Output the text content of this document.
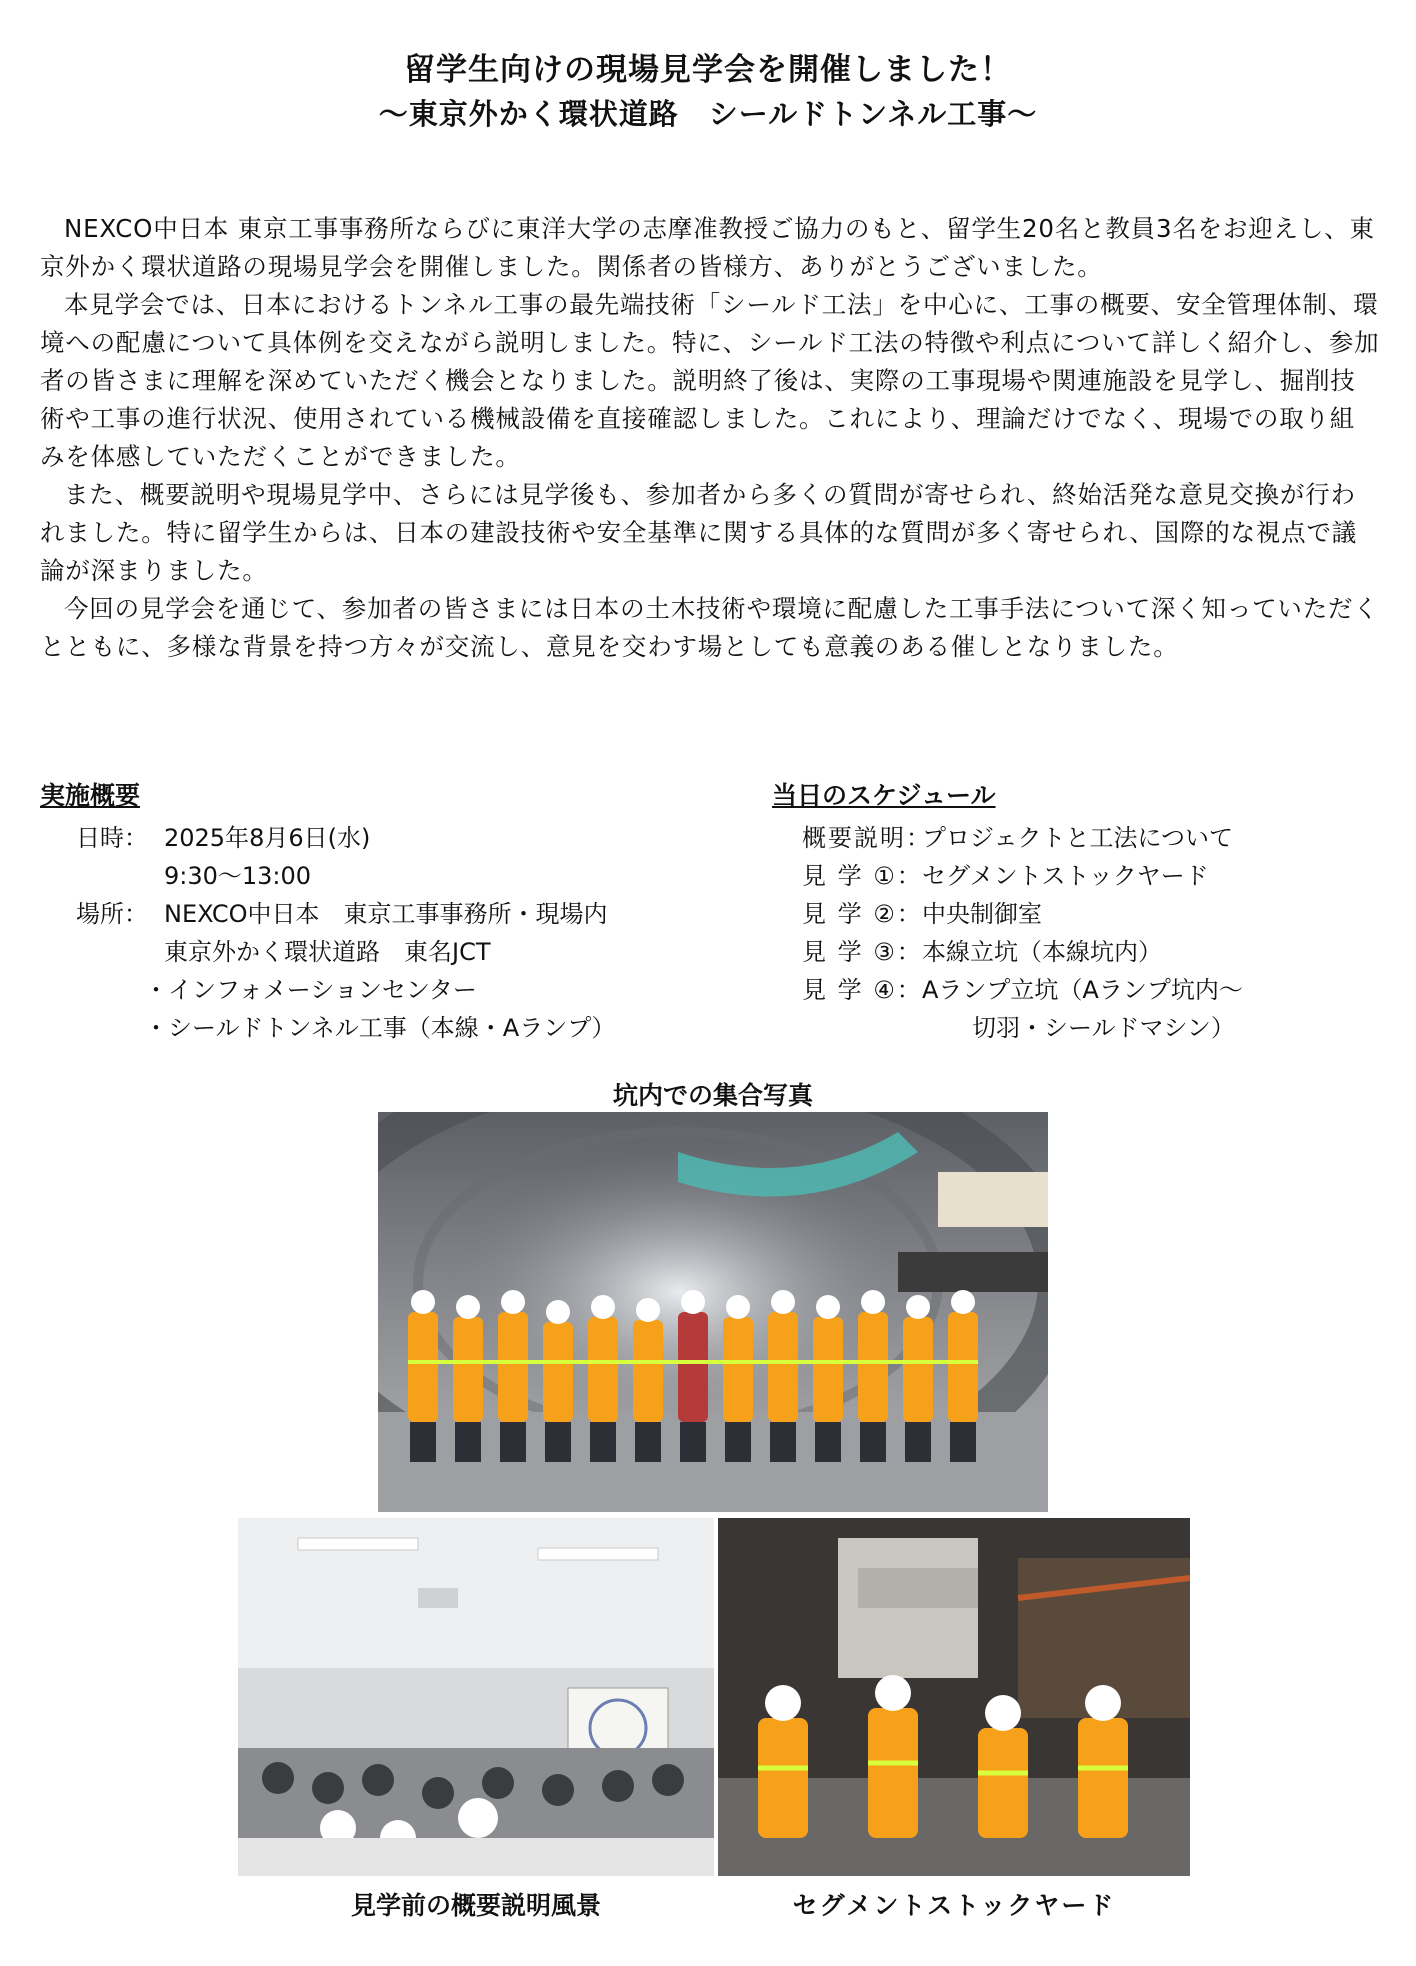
留学生向けの現場見学会を開催しました！
～東京外かく環状道路　シールドトンネル工事～

NEXCO中日本 東京工事事務所ならびに東洋大学の志摩准教授ご協力のもと、留学生20名と教員3名をお迎えし、東京外かく環状道路の現場見学会を開催しました。関係者の皆様方、ありがとうございました。

本見学会では、日本におけるトンネル工事の最先端技術「シールド工法」を中心に、工事の概要、安全管理体制、環境への配慮について具体例を交えながら説明しました。特に、シールド工法の特徴や利点について詳しく紹介し、参加者の皆さまに理解を深めていただく機会となりました。説明終了後は、実際の工事現場や関連施設を見学し、掘削技術や工事の進行状況、使用されている機械設備を直接確認しました。これにより、理論だけでなく、現場での取り組みを体感していただくことができました。

また、概要説明や現場見学中、さらには見学後も、参加者から多くの質問が寄せられ、終始活発な意見交換が行われました。特に留学生からは、日本の建設技術や安全基準に関する具体的な質問が多く寄せられ、国際的な視点で議論が深まりました。

今回の見学会を通じて、参加者の皆さまには日本の土木技術や環境に配慮した工事手法について深く知っていただくとともに、多様な背景を持つ方々が交流し、意見を交わす場としても意義のある催しとなりました。

実施概要
日時： 2025年8月6日(水)
9:30～13:00
場所： NEXCO中日本　東京工事事務所・現場内
東京外かく環状道路　東名JCT
・インフォメーションセンター
・シールドトンネル工事（本線・Aランプ）
当日のスケジュール
概要説明：
プロジェクトと工法について
見 学 ①： セグメントストックヤード
見 学 ②： 中央制御室
見 学 ③： 本線立坑（本線坑内）
見 学 ④： Aランプ立坑（Aランプ坑内～
切羽・シールドマシン）
坑内での集合写真
見学前の概要説明風景	セグメントストックヤード
